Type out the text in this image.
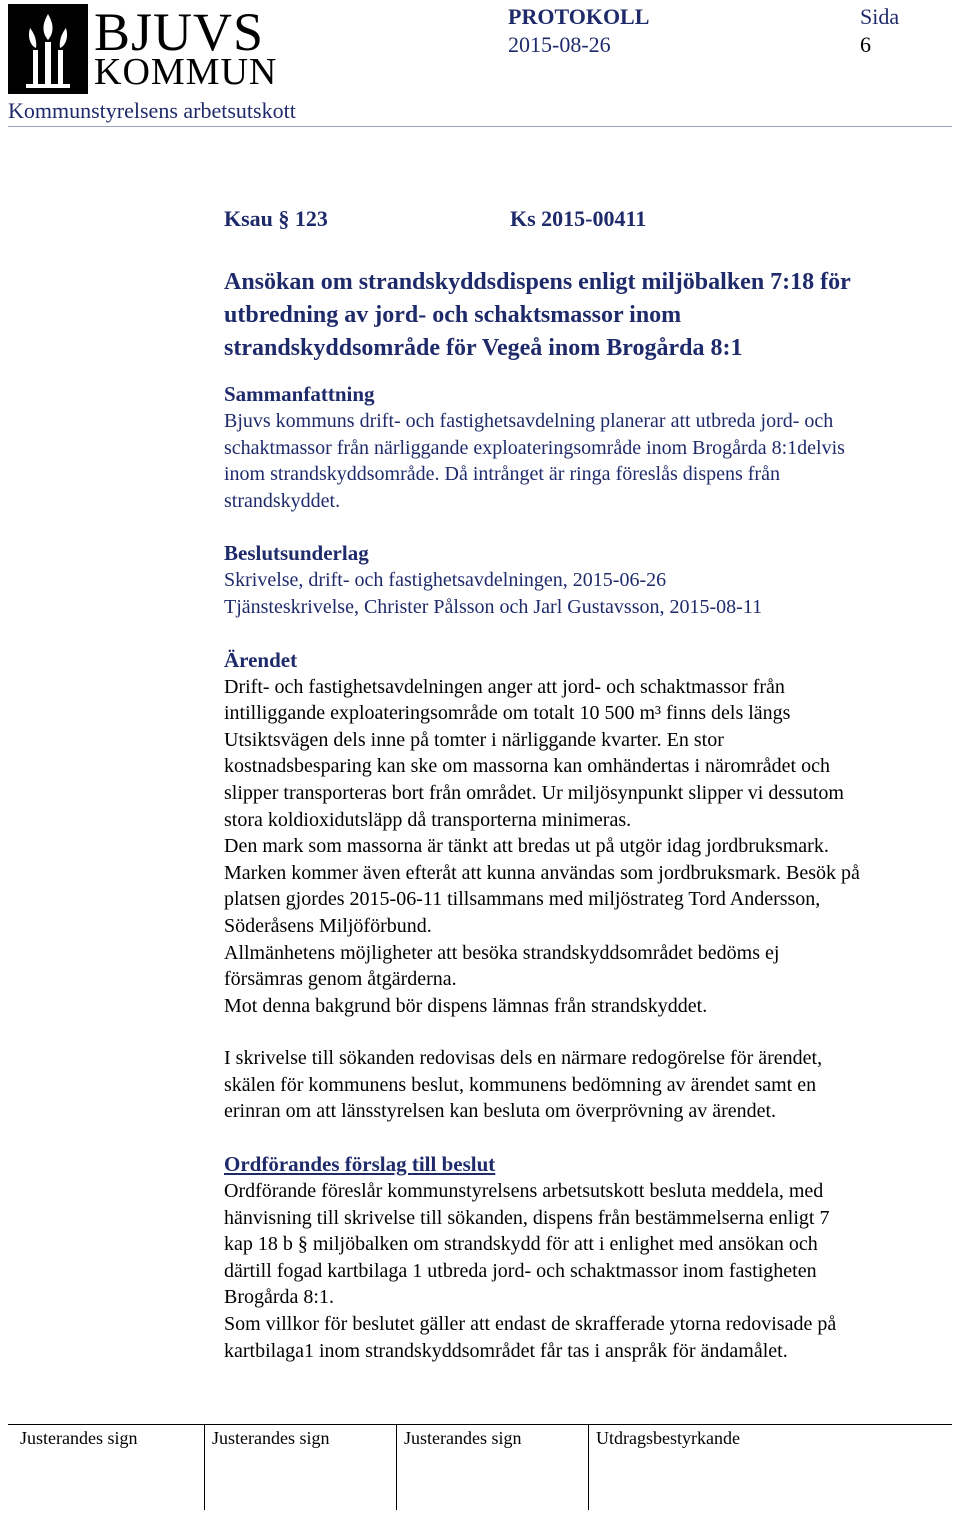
BJUVS
KOMMUN
PROTOKOLL
2015-08-26
Sida
6
Kommunstyrelsens arbetsutskott
Ksau § 123	Ks 2015-00411
Ansökan om strandskyddsdispens enligt miljöbalken 7:18 för
utbredning av jord- och schaktsmassor inom
strandskyddsområde för Vegeå inom Brogårda 8:1
Sammanfattning
Bjuvs kommuns drift- och fastighetsavdelning planerar att utbreda jord- och
schaktmassor från närliggande exploateringsområde inom Brogårda 8:1delvis
inom strandskyddsområde. Då intrånget är ringa föreslås dispens från
strandskyddet.
Beslutsunderlag
Skrivelse, drift- och fastighetsavdelningen, 2015-06-26
Tjänsteskrivelse, Christer Pålsson och Jarl Gustavsson, 2015-08-11
Ärendet
Drift- och fastighetsavdelningen anger att jord- och schaktmassor från
intilliggande exploateringsområde om totalt 10 500 m³ finns dels längs
Utsiktsvägen dels inne på tomter i närliggande kvarter. En stor
kostnadsbesparing kan ske om massorna kan omhändertas i närområdet och
slipper transporteras bort från området. Ur miljösynpunkt slipper vi dessutom
stora koldioxidutsläpp då transporterna minimeras.
Den mark som massorna är tänkt att bredas ut på utgör idag jordbruksmark.
Marken kommer även efteråt att kunna användas som jordbruksmark. Besök på
platsen gjordes 2015-06-11 tillsammans med miljöstrateg Tord Andersson,
Söderåsens Miljöförbund.
Allmänhetens möjligheter att besöka strandskyddsområdet bedöms ej
försämras genom åtgärderna.
Mot denna bakgrund bör dispens lämnas från strandskyddet.
I skrivelse till sökanden redovisas dels en närmare redogörelse för ärendet,
skälen för kommunens beslut, kommunens bedömning av ärendet samt en
erinran om att länsstyrelsen kan besluta om överprövning av ärendet.
Ordförandes förslag till beslut
Ordförande föreslår kommunstyrelsens arbetsutskott besluta meddela, med
hänvisning till skrivelse till sökanden, dispens från bestämmelserna enligt 7
kap 18 b § miljöbalken om strandskydd för att i enlighet med ansökan och
därtill fogad kartbilaga 1 utbreda jord- och schaktmassor inom fastigheten
Brogårda 8:1.
Som villkor för beslutet gäller att endast de skrafferade ytorna redovisade på
kartbilaga1 inom strandskyddsområdet får tas i anspråk för ändamålet.
Justerandes sign	Justerandes sign	Justerandes sign	Utdragsbestyrkande
